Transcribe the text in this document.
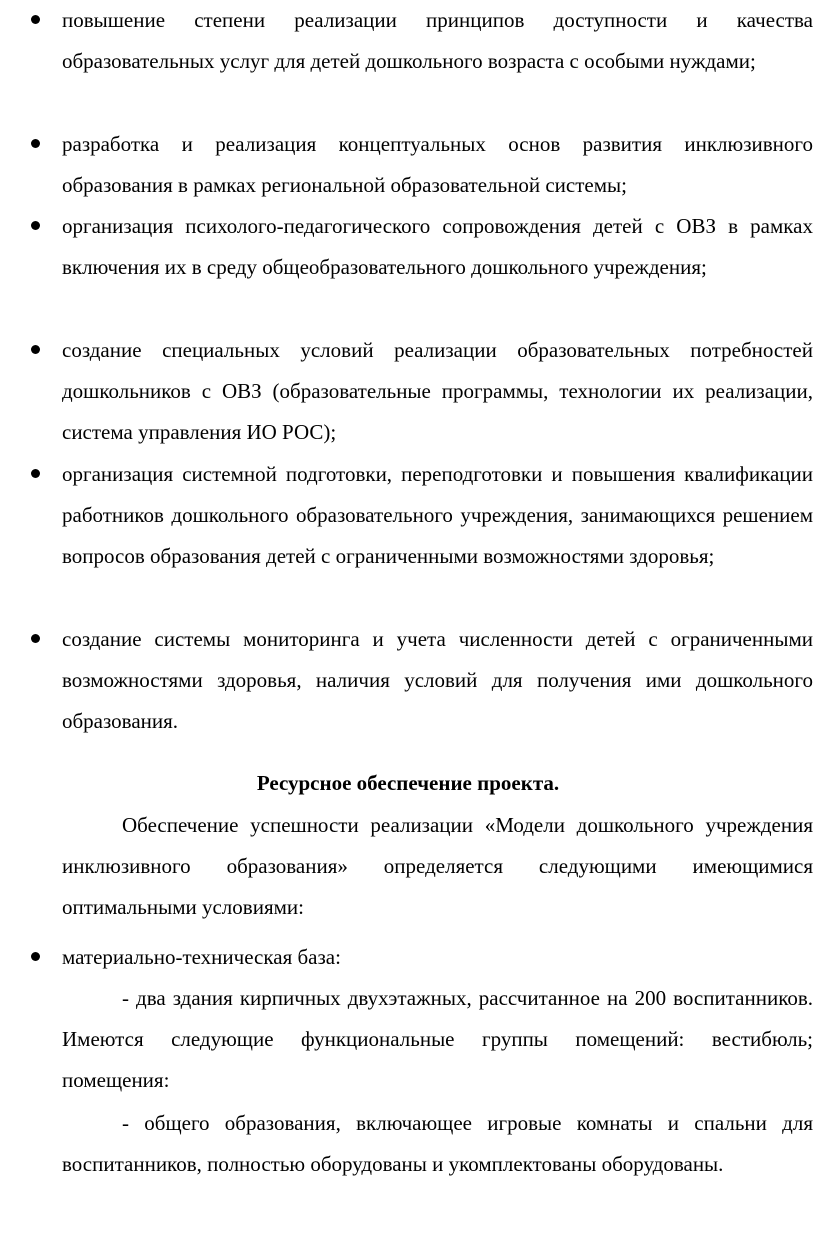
повышение степени реализации принципов доступности и качества образовательных услуг для детей дошкольного возраста с особыми нуждами;
разработка и реализация концептуальных основ развития инклюзивного образования в рамках региональной образовательной системы;
организация психолого-педагогического сопровождения детей с ОВЗ в рамках включения их в среду общеобразовательного дошкольного учреждения;
создание специальных условий реализации образовательных потребностей дошкольников с ОВЗ (образовательные программы, технологии их реализации, система управления ИО РОС);
организация системной подготовки, переподготовки и повышения квалификации работников дошкольного образовательного учреждения, занимающихся решением вопросов образования детей с ограниченными возможностями здоровья;
создание системы мониторинга и учета численности детей с ограниченными возможностями здоровья, наличия условий для получения ими дошкольного образования.
Ресурсное обеспечение проекта.
Обеспечение успешности реализации «Модели дошкольного учреждения инклюзивного образования» определяется следующими имеющимися оптимальными условиями:
материально-техническая база:
- два здания кирпичных двухэтажных, рассчитанное на 200 воспитанников. Имеются следующие функциональные группы помещений: вестибюль; помещения:
- общего образования, включающее игровые комнаты и спальни для воспитанников, полностью оборудованы и укомплектованы оборудованы.
